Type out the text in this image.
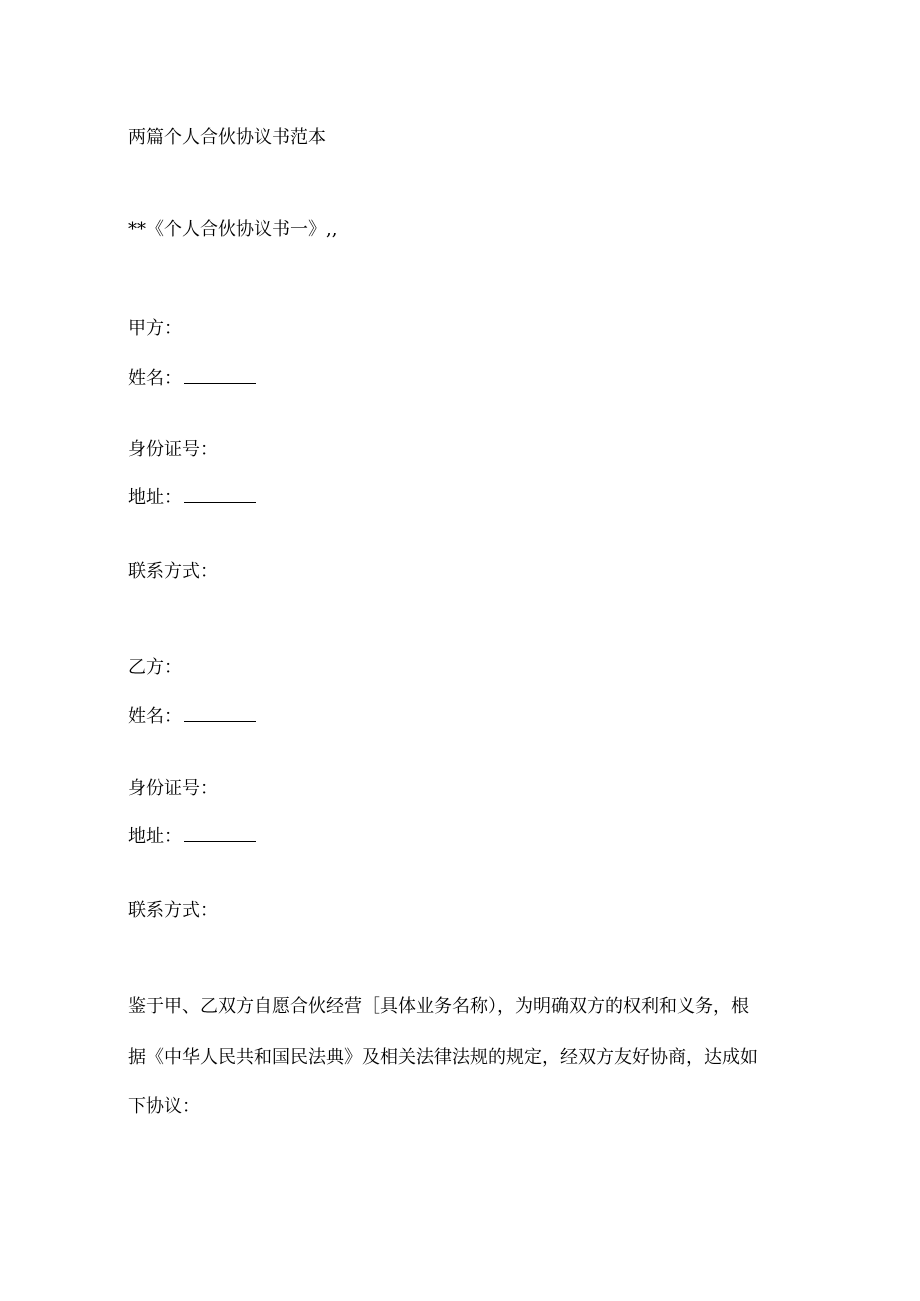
两篇个人合伙协议书范本
**《个人合伙协议书一》,,
甲方：
姓名：
身份证号：
地址：
联系方式：
乙方：
姓名：
身份证号：
地址：
联系方式：
鉴于甲、乙双方自愿合伙经营［具体业务名称），为明确双方的权利和义务，根
据《中华人民共和国民法典》及相关法律法规的规定，经双方友好协商，达成如
下协议：
